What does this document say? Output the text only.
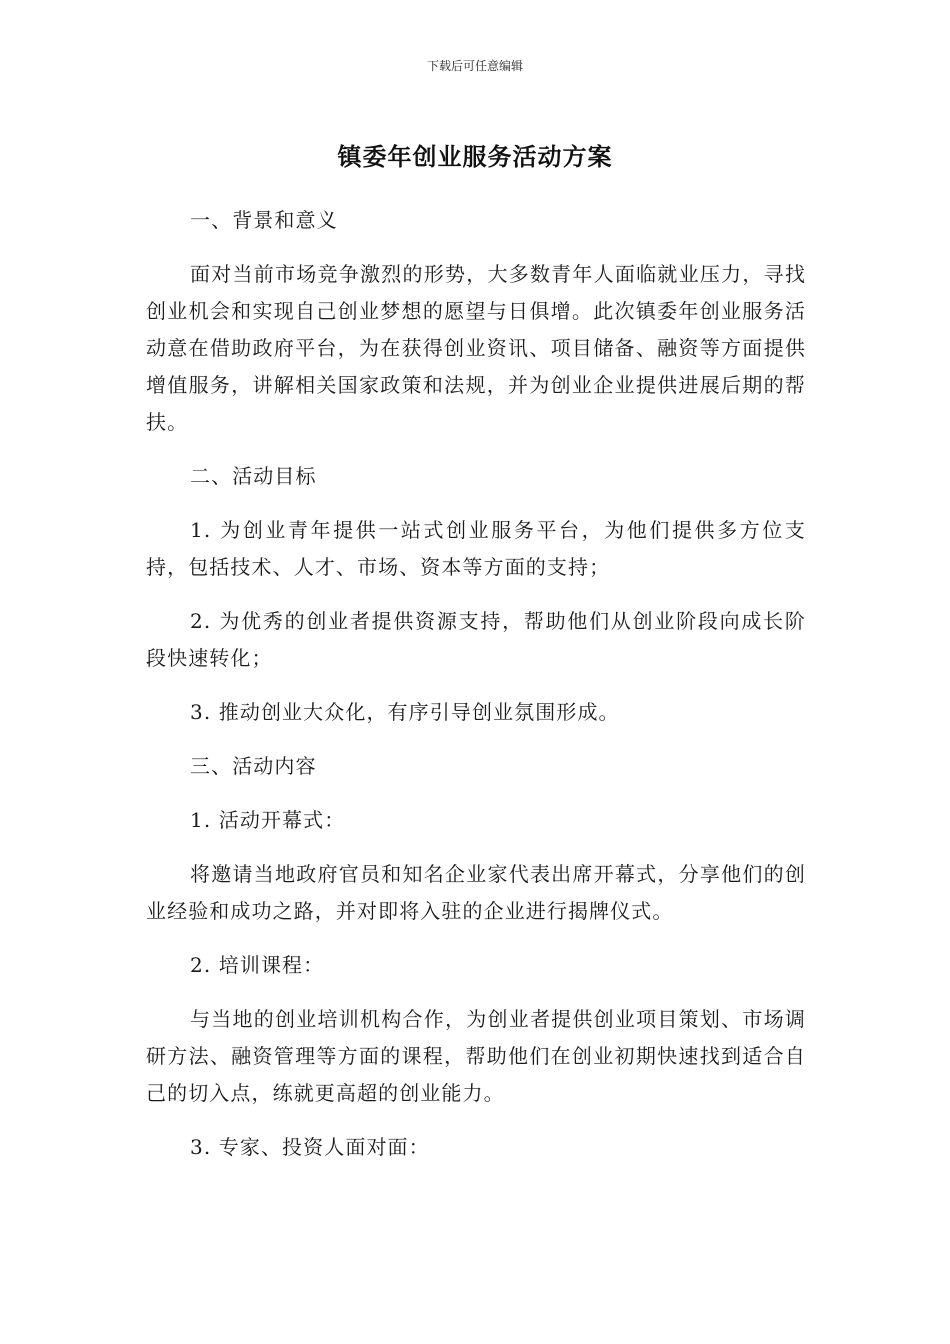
下载后可任意编辑
镇委年创业服务活动方案

一、背景和意义

面对当前市场竞争激烈的形势，大多数青年人面临就业压力，寻找创业机会和实现自己创业梦想的愿望与日俱增。此次镇委年创业服务活动意在借助政府平台，为在获得创业资讯、项目储备、融资等方面提供增值服务，讲解相关国家政策和法规，并为创业企业提供进展后期的帮扶。

二、活动目标

1. 为创业青年提供一站式创业服务平台，为他们提供多方位支持，包括技术、人才、市场、资本等方面的支持；

2. 为优秀的创业者提供资源支持，帮助他们从创业阶段向成长阶段快速转化；

3. 推动创业大众化，有序引导创业氛围形成。

三、活动内容

1. 活动开幕式：

将邀请当地政府官员和知名企业家代表出席开幕式，分享他们的创业经验和成功之路，并对即将入驻的企业进行揭牌仪式。

2. 培训课程：

与当地的创业培训机构合作，为创业者提供创业项目策划、市场调研方法、融资管理等方面的课程，帮助他们在创业初期快速找到适合自己的切入点，练就更高超的创业能力。

3. 专家、投资人面对面：
